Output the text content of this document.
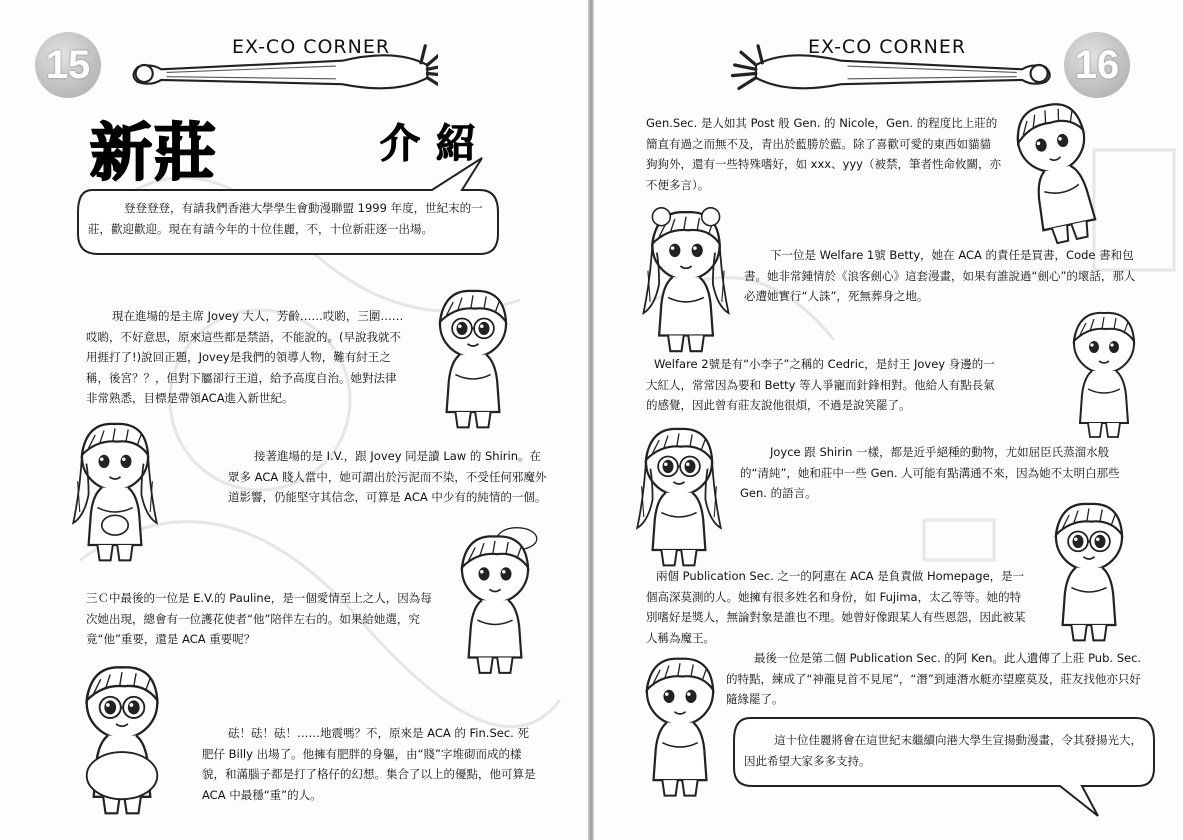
15	EX-CO CORNER
新莊	介紹

登登登登，有請我們香港大學學生會動漫聯盟 1999 年度，世紀末的一莊，歡迎歡迎。現在有請今年的十位佳麗，不，十位新莊逐一出場。

現在進場的是主席 Jovey 大人，芳齡……哎喲，三圍……哎喲，不好意思，原來這些都是禁語，不能說的。(早說我就不用捱打了!)說回正題，Jovey是我們的領導人物，難有紂王之稱，後宮？？，但對下屬卻行王道，給予高度自治。她對法律非常熟悉，目標是帶領ACA進入新世紀。

接著進場的是 I.V.，跟 Jovey 同是讀 Law 的 Shirin。在眾多 ACA 賤人當中，她可謂出於污泥而不染，不受任何邪魔外道影響，仍能堅守其信念，可算是 ACA 中少有的純情的一個。

三Ｃ中最後的一位是 E.V.的 Pauline，是一個愛情至上之人，因為每次她出現，總會有一位護花使者“他”陪伴左右的。如果給她選，究竟“他”重要，還是 ACA 重要呢？

砝！砝！砝！……地震嗎？不，原來是 ACA 的 Fin.Sec. 死肥仔 Billy 出場了。他擁有肥胖的身軀，由“賤”字堆砌而成的樣貌，和滿腦子都是打了格仔的幻想。集合了以上的優點，他可算是 ACA 中最穩“重”的人。

EX-CO CORNER	16

Gen.Sec. 是人如其 Post 般 Gen. 的 Nicole，Gen. 的程度比上莊的簡直有過之而無不及，青出於藍勝於藍。除了喜歡可愛的東西如貓貓狗狗外，還有一些特殊嗜好，如 xxx、yyy（被禁，筆者性命攸關，亦不便多言）。

下一位是 Welfare 1號 Betty，她在 ACA 的責任是買書，Code 書和包書。她非常鍾情於《浪客劍心》這套漫畫，如果有誰說過“劍心”的壞話，那人必遭她實行“人誅”，死無葬身之地。

Welfare 2號是有“小李子”之稱的 Cedric，是紂王 Jovey 身邊的一大紅人，常常因為要和 Betty 等人爭寵而針鋒相對。他給人有點長氣的感覺，因此曾有莊友說他很煩，不過是說笑罷了。

Joyce 跟 Shirin 一樣，都是近乎絕種的動物，尤如屈臣氏蒸溜水般的“清純”，她和莊中一些 Gen. 人可能有點溝通不來，因為她不太明白那些 Gen. 的語言。

兩個 Publication Sec. 之一的阿惠在 ACA 是負責做 Homepage，是一個高深莫測的人。她擁有很多姓名和身份，如 Fujima，太乙等等。她的特別嗜好是獎人，無論對象是誰也不理。她曾好像跟某人有些恩怨，因此被某人稱為魔王。

最後一位是第二個 Publication Sec. 的阿 Ken。此人遺傳了上莊 Pub. Sec. 的特點，練成了“神龍見首不見尾”，“潛”到連潛水艇亦望塵莫及，莊友找他亦只好隨緣罷了。

這十位佳麗將會在這世紀末繼續向港大學生宣揚動漫畫，令其發揚光大，因此希望大家多多支持。
